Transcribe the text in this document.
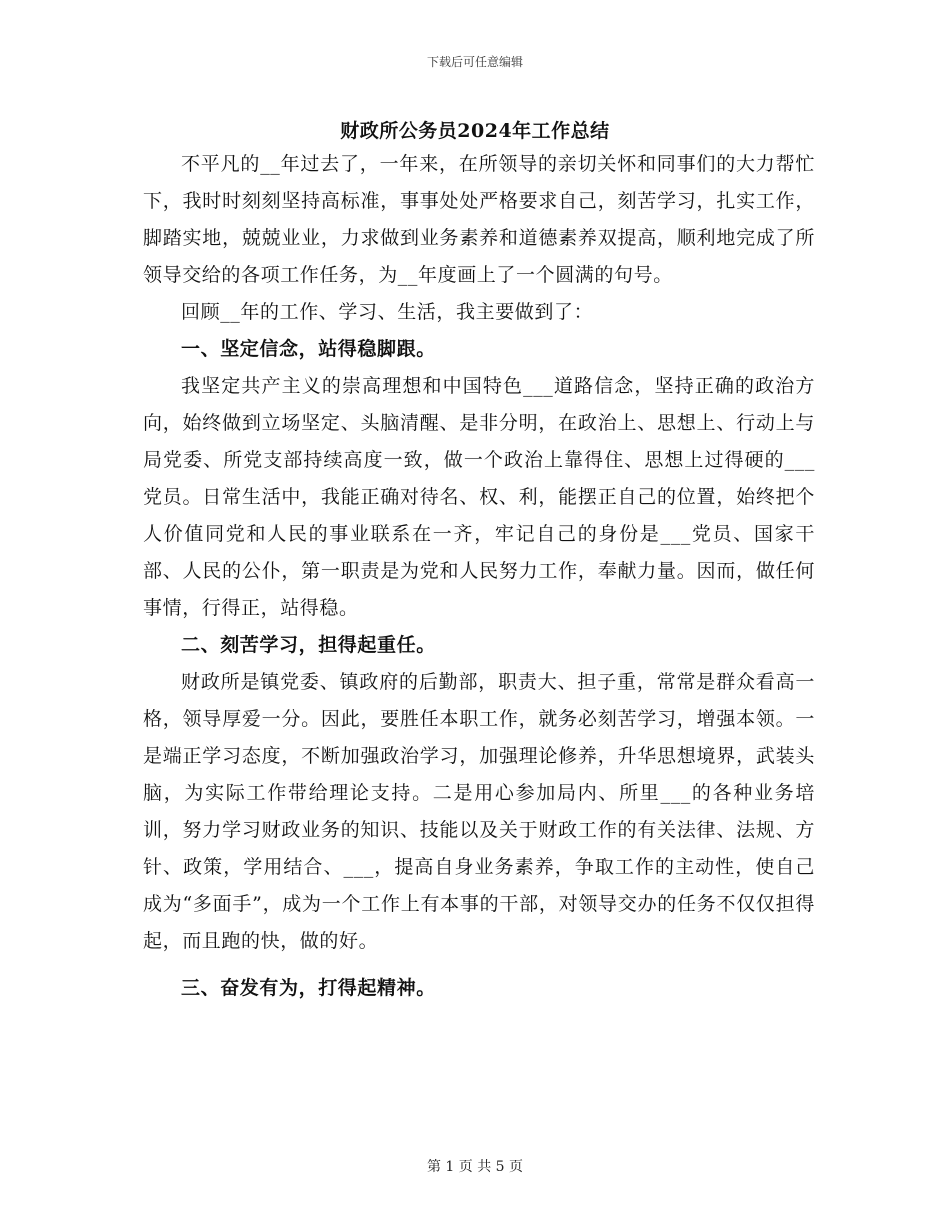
下载后可任意编辑
财政所公务员2024年工作总结

不平凡的__年过去了，一年来，在所领导的亲切关怀和同事们的大力帮忙下，我时时刻刻坚持高标准，事事处处严格要求自己，刻苦学习，扎实工作，脚踏实地，兢兢业业，力求做到业务素养和道德素养双提高，顺利地完成了所领导交给的各项工作任务，为__年度画上了一个圆满的句号。

回顾__年的工作、学习、生活，我主要做到了：

一、坚定信念，站得稳脚跟。

我坚定共产主义的崇高理想和中国特色___道路信念，坚持正确的政治方向，始终做到立场坚定、头脑清醒、是非分明，在政治上、思想上、行动上与局党委、所党支部持续高度一致，做一个政治上靠得住、思想上过得硬的___党员。日常生活中，我能正确对待名、权、利，能摆正自己的位置，始终把个人价值同党和人民的事业联系在一齐，牢记自己的身份是___党员、国家干部、人民的公仆，第一职责是为党和人民努力工作，奉献力量。因而，做任何事情，行得正，站得稳。

二、刻苦学习，担得起重任。

财政所是镇党委、镇政府的后勤部，职责大、担子重，常常是群众看高一格，领导厚爱一分。因此，要胜任本职工作，就务必刻苦学习，增强本领。一是端正学习态度，不断加强政治学习，加强理论修养，升华思想境界，武装头脑，为实际工作带给理论支持。二是用心参加局内、所里___的各种业务培训，努力学习财政业务的知识、技能以及关于财政工作的有关法律、法规、方针、政策，学用结合、___，提高自身业务素养，争取工作的主动性，使自己成为“多面手”，成为一个工作上有本事的干部，对领导交办的任务不仅仅担得起，而且跑的快，做的好。

三、奋发有为，打得起精神。

第 1 页 共 5 页
